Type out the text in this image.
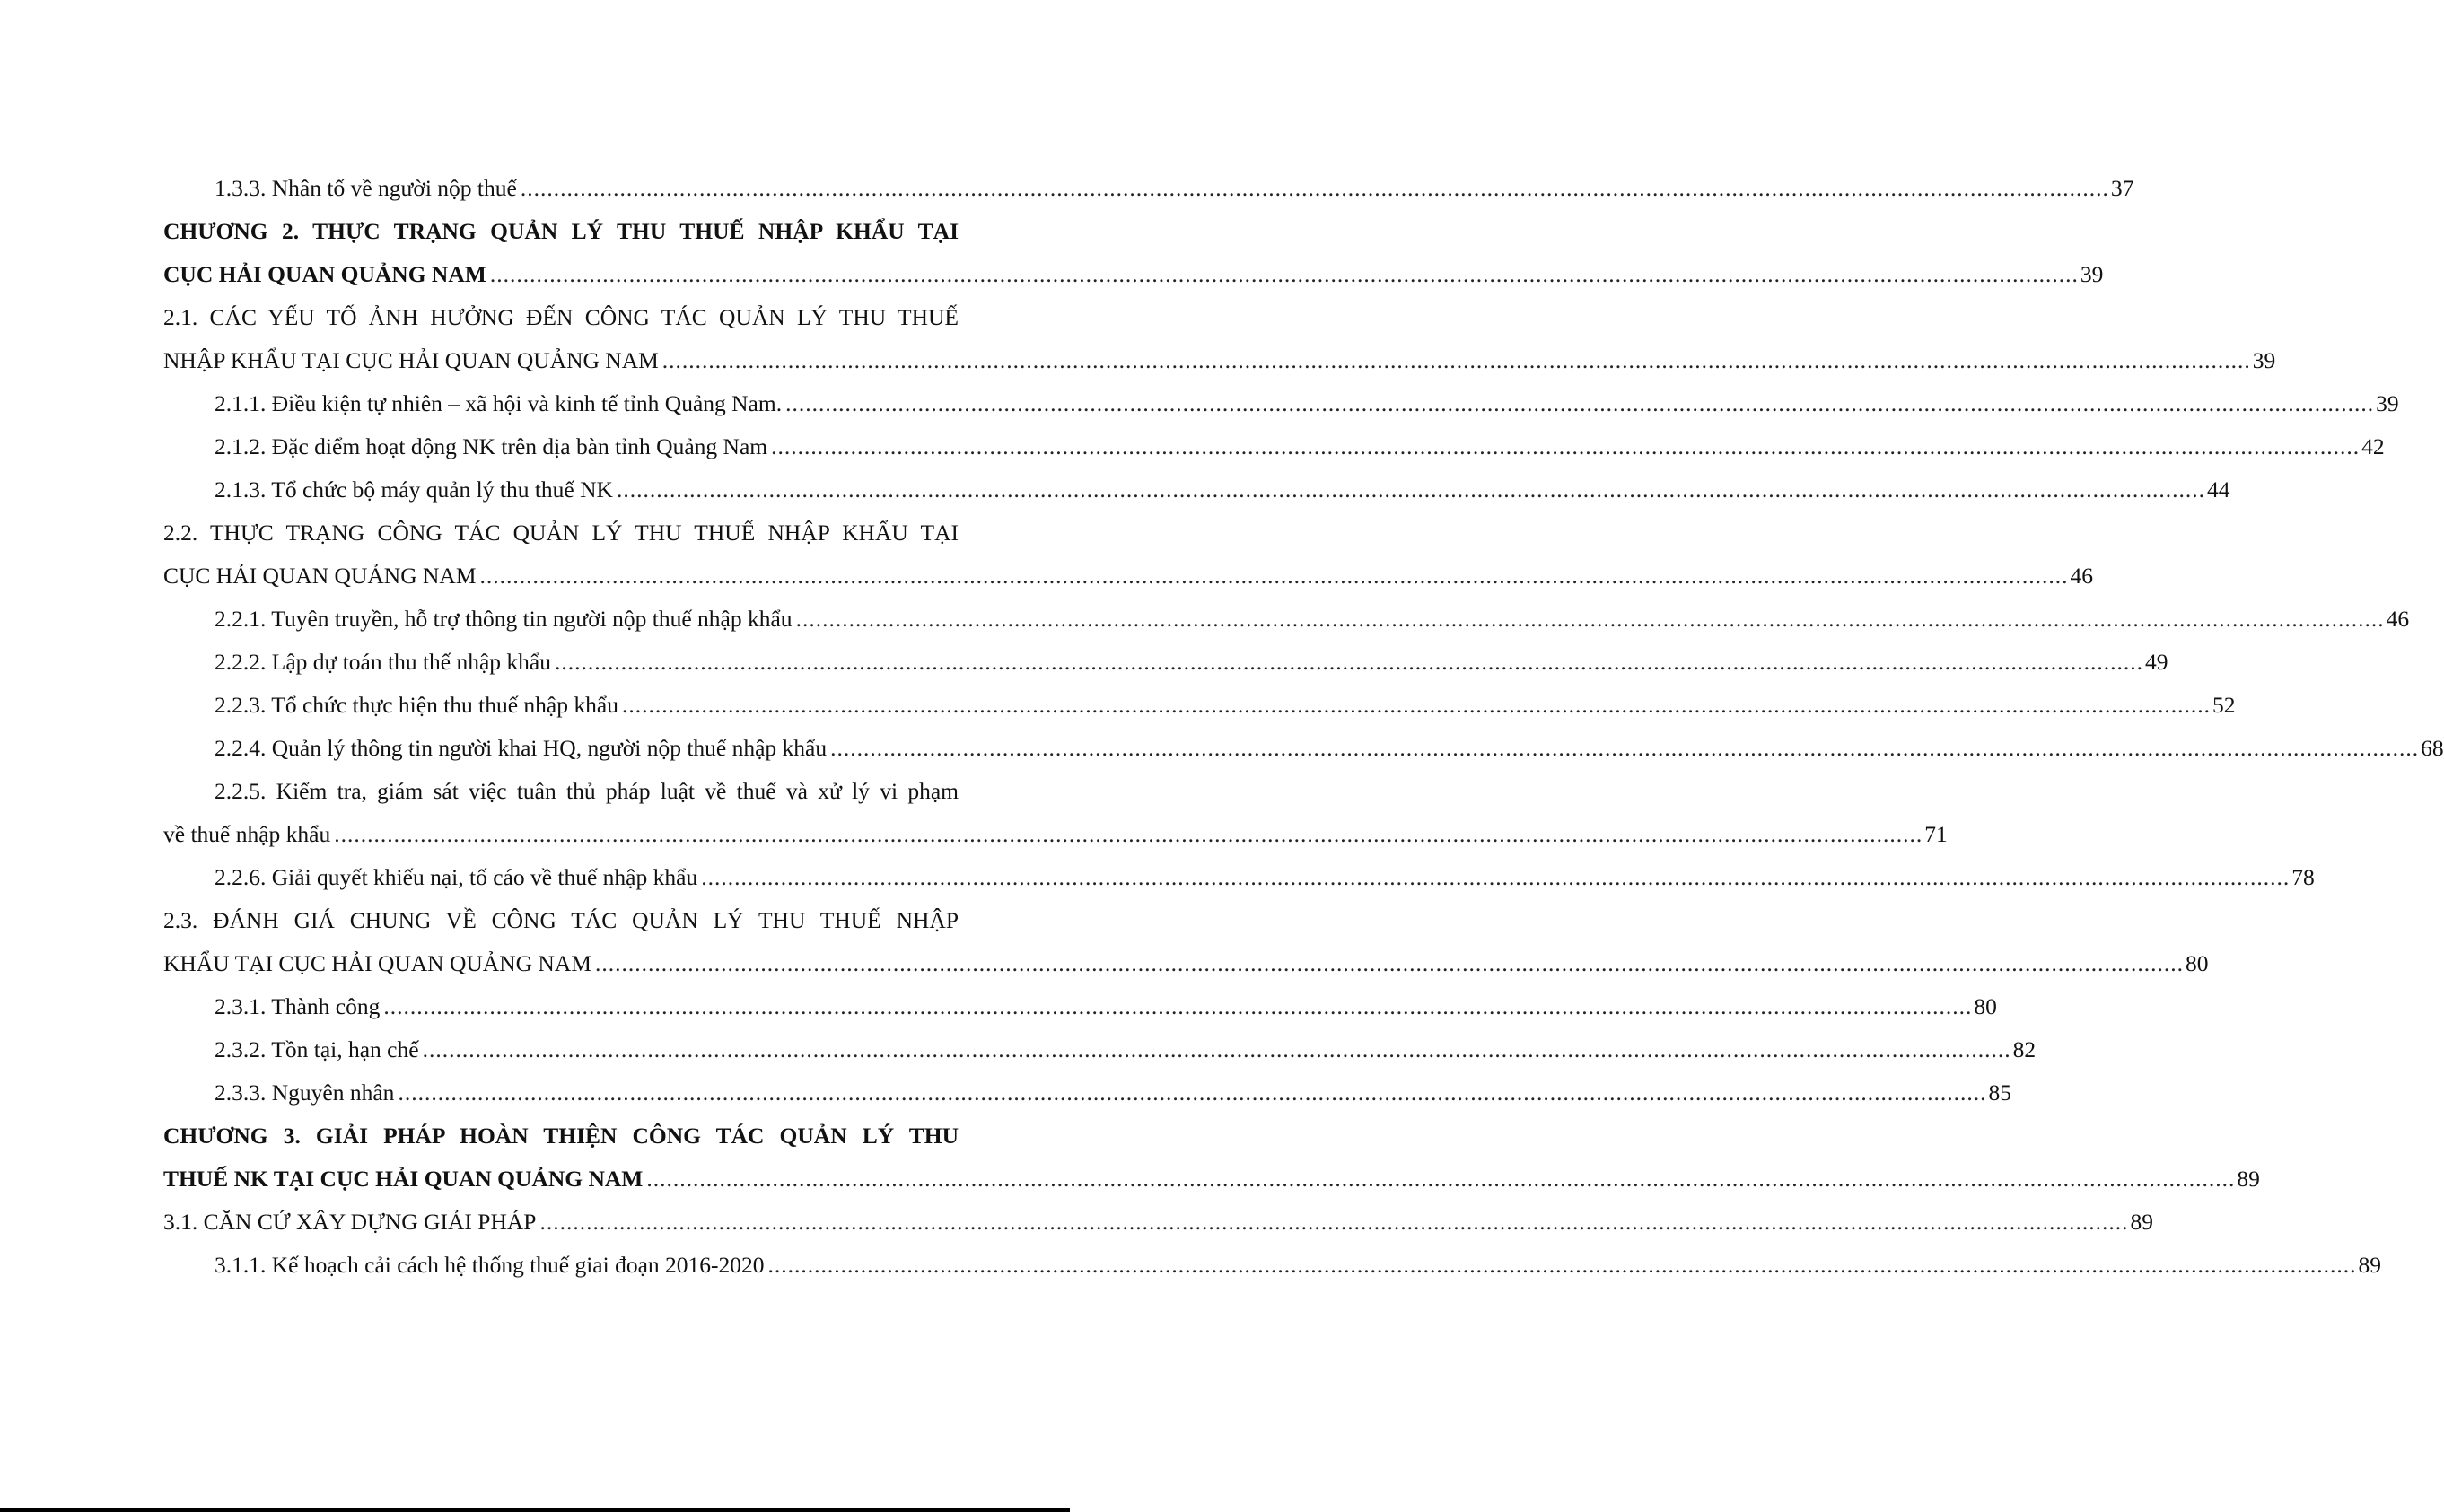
1.3.3. Nhân tố về người nộp thuế ................................................................................................................................................................................................................................................ 37
CHƯƠNG 2. THỰC TRẠNG QUẢN LÝ THU THUẾ NHẬP KHẨU TẠI
CỤC HẢI QUAN QUẢNG NAM ................................................................................................................................................................................................................................................ 39
2.1. CÁC YẾU TỐ ẢNH HƯỞNG ĐẾN CÔNG TÁC QUẢN LÝ THU THUẾ
NHẬP KHẨU TẠI CỤC HẢI QUAN QUẢNG NAM ................................................................................................................................................................................................................................................ 39
2.1.1. Điều kiện tự nhiên – xã hội và kinh tế tỉnh Quảng Nam. ................................................................................................................................................................................................................................................ 39
2.1.2. Đặc điểm hoạt động NK trên địa bàn tỉnh Quảng Nam ................................................................................................................................................................................................................................................ 42
2.1.3. Tổ chức bộ máy quản lý thu thuế NK ................................................................................................................................................................................................................................................ 44
2.2. THỰC TRẠNG CÔNG TÁC QUẢN LÝ THU THUẾ NHẬP KHẨU TẠI
CỤC HẢI QUAN QUẢNG NAM ................................................................................................................................................................................................................................................ 46
2.2.1. Tuyên truyền, hỗ trợ thông tin người nộp thuế nhập khẩu ................................................................................................................................................................................................................................................ 46
2.2.2. Lập dự toán thu thế nhập khẩu ................................................................................................................................................................................................................................................ 49
2.2.3. Tổ chức thực hiện thu thuế nhập khẩu ................................................................................................................................................................................................................................................ 52
2.2.4. Quản lý thông tin người khai HQ, người nộp thuế nhập khẩu ................................................................................................................................................................................................................................................ 68
2.2.5. Kiểm tra, giám sát việc tuân thủ pháp luật về thuế và xử lý vi phạm
về thuế nhập khẩu ................................................................................................................................................................................................................................................ 71
2.2.6. Giải quyết khiếu nại, tố cáo về thuế nhập khẩu ................................................................................................................................................................................................................................................ 78
2.3. ĐÁNH GIÁ CHUNG VỀ CÔNG TÁC QUẢN LÝ THU THUẾ NHẬP
KHẨU TẠI CỤC HẢI QUAN QUẢNG NAM ................................................................................................................................................................................................................................................ 80
2.3.1. Thành công ................................................................................................................................................................................................................................................ 80
2.3.2. Tồn tại, hạn chế ................................................................................................................................................................................................................................................ 82
2.3.3. Nguyên nhân ................................................................................................................................................................................................................................................ 85
CHƯƠNG 3. GIẢI PHÁP HOÀN THIỆN CÔNG TÁC QUẢN LÝ THU
THUẾ NK TẠI CỤC HẢI QUAN QUẢNG NAM ................................................................................................................................................................................................................................................ 89
3.1. CĂN CỨ XÂY DỰNG GIẢI PHÁP ................................................................................................................................................................................................................................................ 89
3.1.1. Kế hoạch cải cách hệ thống thuế giai đoạn 2016-2020 ................................................................................................................................................................................................................................................ 89
